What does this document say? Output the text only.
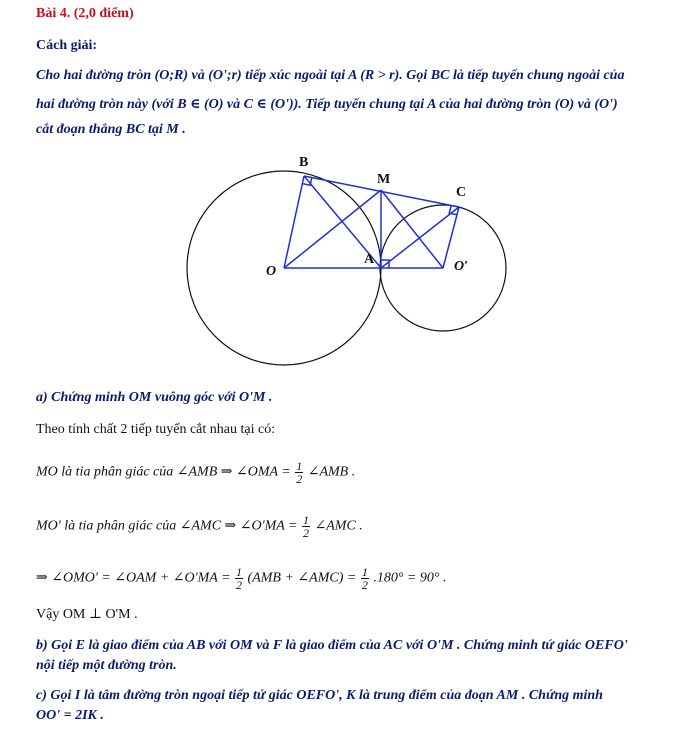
Bài 4. (2,0 điểm)
Cách giải:
Cho hai đường tròn (O;R) và (O';r) tiếp xúc ngoài tại A (R > r). Gọi BC là tiếp tuyến chung ngoài của
hai đường tròn này (với B ∈ (O) và C ∈ (O')). Tiếp tuyến chung tại A của hai đường tròn (O) và (O')
cắt đoạn thẳng BC tại M .
B
M
C
O
A	O′
a) Chứng minh OM vuông góc với O'M .
Theo tính chất 2 tiếp tuyến cắt nhau tại có:
MO là tia phân giác của ∠AMB ⇒ ∠OMA = $\frac{1}{2}$ ∠AMB .
MO' là tia phân giác của ∠AMC ⇒ ∠O'MA = $\frac{1}{2}$ ∠AMC .
⇒ ∠OMO' = ∠OAM + ∠O'MA = $\frac{1}{2} (AMB$ + ∠AMC) = $\frac{1}{2} .180^\circ = 90^\circ$ .
Vậy OM ⊥ O'M .
b) Gọi E là giao điểm của AB với OM và F là giao điểm của AC với O'M . Chứng minh tứ giác OEFO'
nội tiếp một đường tròn.
c) Gọi I là tâm đường tròn ngoại tiếp tứ giác OEFO', K là trung điểm của đoạn AM . Chứng minh
OO' = 2IK .
